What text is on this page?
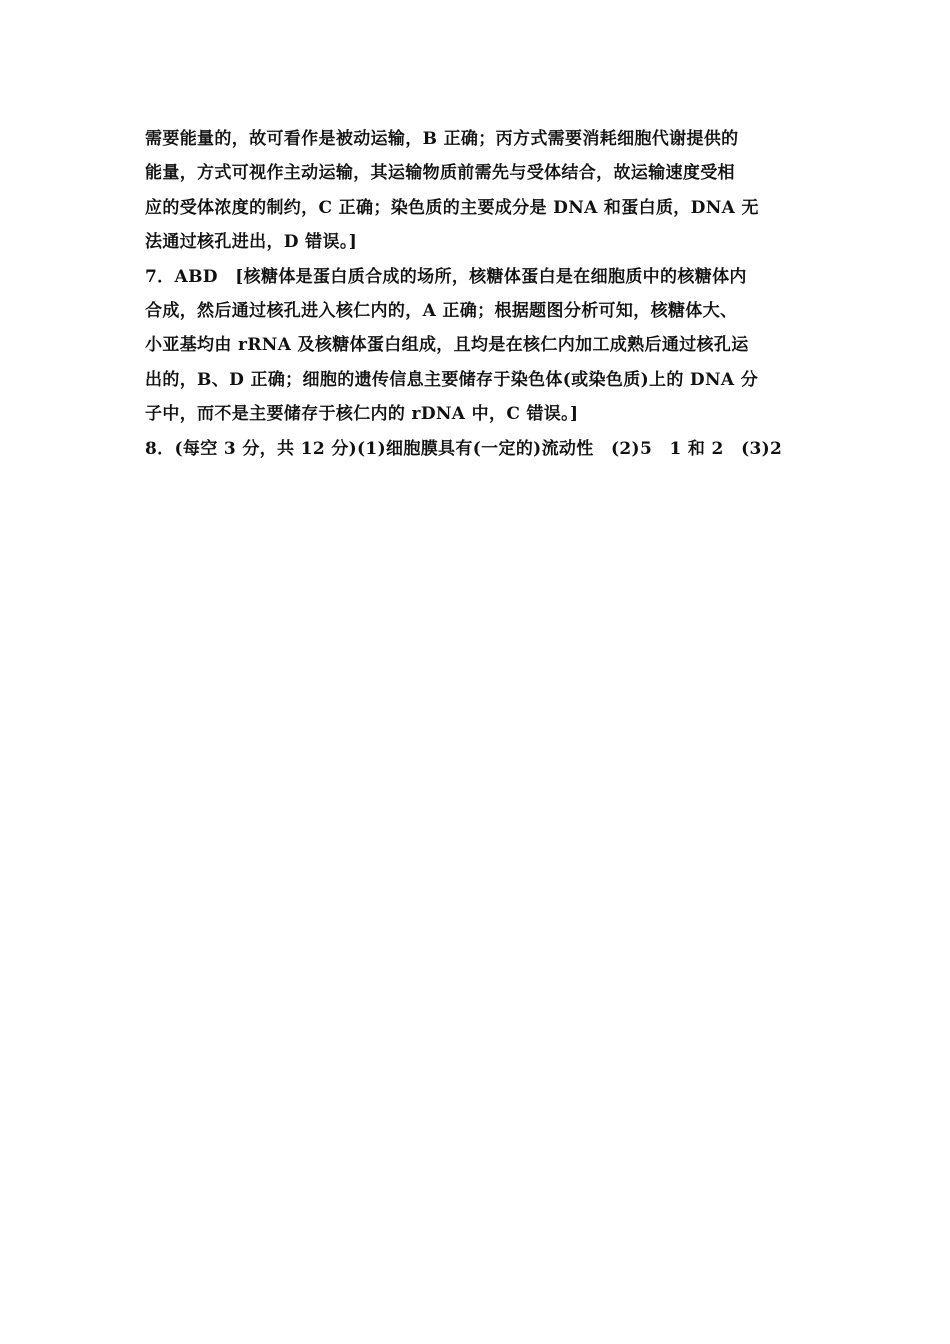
需要能量的，故可看作是被动运输，B 正确；丙方式需要消耗细胞代谢提供的
能量，方式可视作主动运输，其运输物质前需先与受体结合，故运输速度受相
应的受体浓度的制约，C 正确；染色质的主要成分是 DNA 和蛋白质，DNA 无
法通过核孔进出，D 错误。]
7．ABD　[核糖体是蛋白质合成的场所，核糖体蛋白是在细胞质中的核糖体内
合成，然后通过核孔进入核仁内的，A 正确；根据题图分析可知，核糖体大、
小亚基均由 rRNA 及核糖体蛋白组成，且均是在核仁内加工成熟后通过核孔运
出的，B、D 正确；细胞的遗传信息主要储存于染色体(或染色质)上的 DNA 分
子中，而不是主要储存于核仁内的 rDNA 中，C 错误。]
8．(每空 3 分，共 12 分)(1)细胞膜具有(一定的)流动性　(2)5　1 和 2　(3)2
